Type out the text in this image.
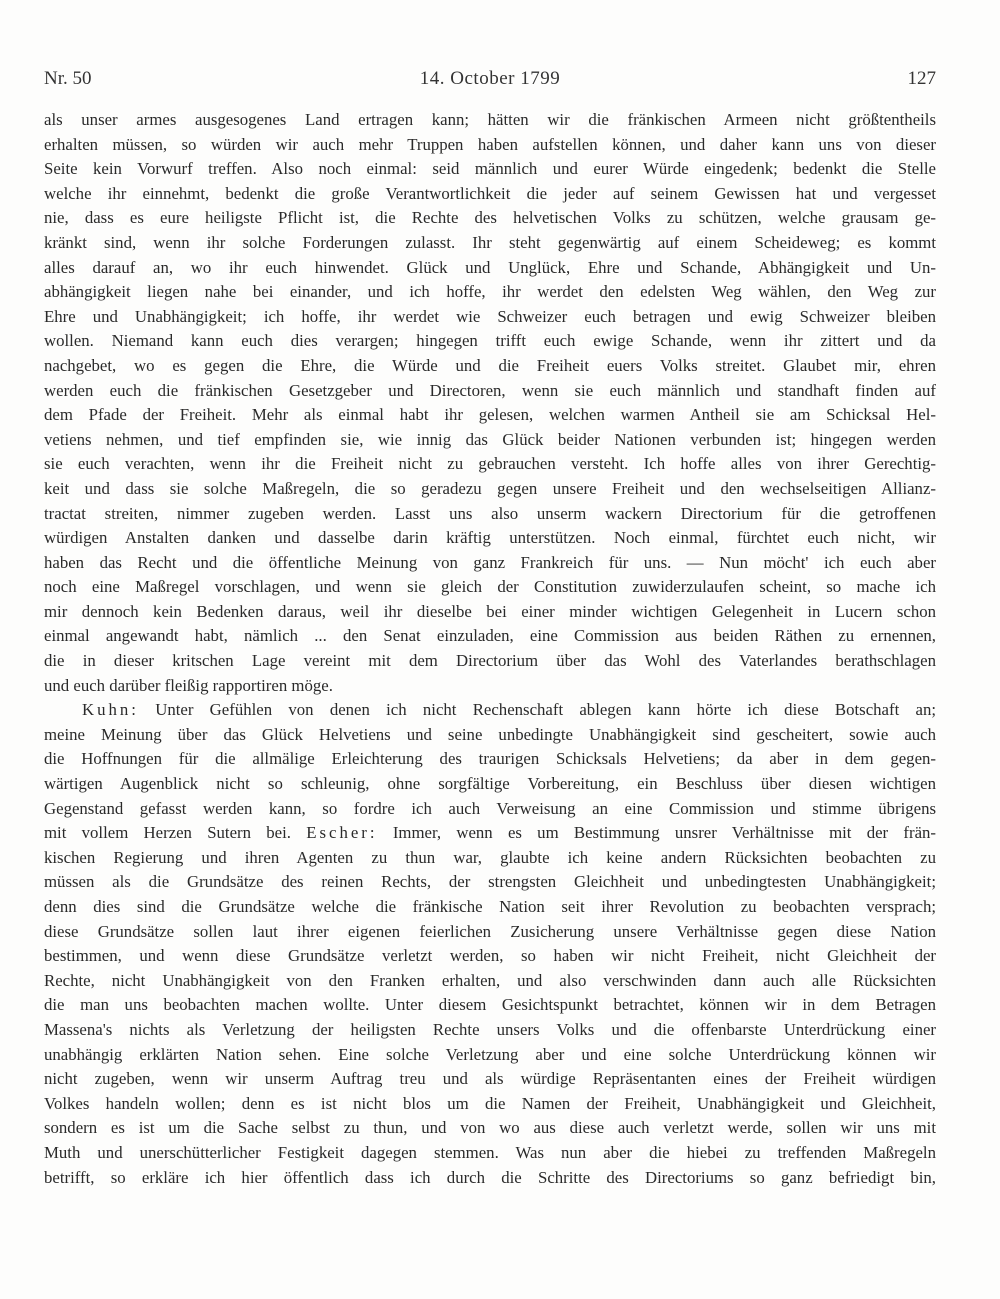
Nr. 50	14. October 1799	127
als unser armes ausgesogenes Land ertragen kann; hätten wir die fränkischen Armeen nicht größtentheils
erhalten müssen, so würden wir auch mehr Truppen haben aufstellen können, und daher kann uns von dieser
Seite kein Vorwurf treffen. Also noch einmal: seid männlich und eurer Würde eingedenk; bedenkt die Stelle
welche ihr einnehmt, bedenkt die große Verantwortlichkeit die jeder auf seinem Gewissen hat und vergesset
nie, dass es eure heiligste Pflicht ist, die Rechte des helvetischen Volks zu schützen, welche grausam ge-
kränkt sind, wenn ihr solche Forderungen zulasst. Ihr steht gegenwärtig auf einem Scheideweg; es kommt
alles darauf an, wo ihr euch hinwendet. Glück und Unglück, Ehre und Schande, Abhängigkeit und Un-
abhängigkeit liegen nahe bei einander, und ich hoffe, ihr werdet den edelsten Weg wählen, den Weg zur
Ehre und Unabhängigkeit; ich hoffe, ihr werdet wie Schweizer euch betragen und ewig Schweizer bleiben
wollen. Niemand kann euch dies verargen; hingegen trifft euch ewige Schande, wenn ihr zittert und da
nachgebet, wo es gegen die Ehre, die Würde und die Freiheit euers Volks streitet. Glaubet mir, ehren
werden euch die fränkischen Gesetzgeber und Directoren, wenn sie euch männlich und standhaft finden auf
dem Pfade der Freiheit. Mehr als einmal habt ihr gelesen, welchen warmen Antheil sie am Schicksal Hel-
vetiens nehmen, und tief empfinden sie, wie innig das Glück beider Nationen verbunden ist; hingegen werden
sie euch verachten, wenn ihr die Freiheit nicht zu gebrauchen versteht. Ich hoffe alles von ihrer Gerechtig-
keit und dass sie solche Maßregeln, die so geradezu gegen unsere Freiheit und den wechselseitigen Allianz-
tractat streiten, nimmer zugeben werden. Lasst uns also unserm wackern Directorium für die getroffenen
würdigen Anstalten danken und dasselbe darin kräftig unterstützen. Noch einmal, fürchtet euch nicht, wir
haben das Recht und die öffentliche Meinung von ganz Frankreich für uns. — Nun möcht' ich euch aber
noch eine Maßregel vorschlagen, und wenn sie gleich der Constitution zuwiderzulaufen scheint, so mache ich
mir dennoch kein Bedenken daraus, weil ihr dieselbe bei einer minder wichtigen Gelegenheit in Lucern schon
einmal angewandt habt, nämlich ... den Senat einzuladen, eine Commission aus beiden Räthen zu ernennen,
die in dieser kritschen Lage vereint mit dem Directorium über das Wohl des Vaterlandes berathschlagen
und euch darüber fleißig rapportiren möge.
Kuhn: Unter Gefühlen von denen ich nicht Rechenschaft ablegen kann hörte ich diese Botschaft an;
meine Meinung über das Glück Helvetiens und seine unbedingte Unabhängigkeit sind gescheitert, sowie auch
die Hoffnungen für die allmälige Erleichterung des traurigen Schicksals Helvetiens; da aber in dem gegen-
wärtigen Augenblick nicht so schleunig, ohne sorgfältige Vorbereitung, ein Beschluss über diesen wichtigen
Gegenstand gefasst werden kann, so fordre ich auch Verweisung an eine Commission und stimme übrigens
mit vollem Herzen Sutern bei. Escher: Immer, wenn es um Bestimmung unsrer Verhältnisse mit der frän-
kischen Regierung und ihren Agenten zu thun war, glaubte ich keine andern Rücksichten beobachten zu
müssen als die Grundsätze des reinen Rechts, der strengsten Gleichheit und unbedingtesten Unabhängigkeit;
denn dies sind die Grundsätze welche die fränkische Nation seit ihrer Revolution zu beobachten versprach;
diese Grundsätze sollen laut ihrer eigenen feierlichen Zusicherung unsere Verhältnisse gegen diese Nation
bestimmen, und wenn diese Grundsätze verletzt werden, so haben wir nicht Freiheit, nicht Gleichheit der
Rechte, nicht Unabhängigkeit von den Franken erhalten, und also verschwinden dann auch alle Rücksichten
die man uns beobachten machen wollte. Unter diesem Gesichtspunkt betrachtet, können wir in dem Betragen
Massena's nichts als Verletzung der heiligsten Rechte unsers Volks und die offenbarste Unterdrückung einer
unabhängig erklärten Nation sehen. Eine solche Verletzung aber und eine solche Unterdrückung können wir
nicht zugeben, wenn wir unserm Auftrag treu und als würdige Repräsentanten eines der Freiheit würdigen
Volkes handeln wollen; denn es ist nicht blos um die Namen der Freiheit, Unabhängigkeit und Gleichheit,
sondern es ist um die Sache selbst zu thun, und von wo aus diese auch verletzt werde, sollen wir uns mit
Muth und unerschütterlicher Festigkeit dagegen stemmen. Was nun aber die hiebei zu treffenden Maßregeln
betrifft, so erkläre ich hier öffentlich dass ich durch die Schritte des Directoriums so ganz befriedigt bin,
